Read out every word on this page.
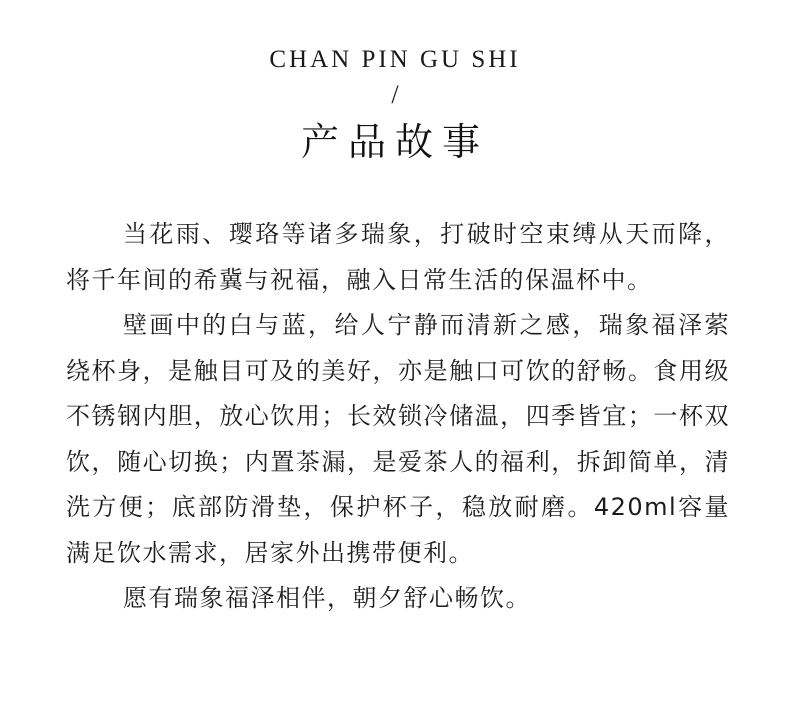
CHAN PIN GU SHI
/
产品故事

当花雨、璎珞等诸多瑞象，打破时空束缚从天而降，将千年间的希冀与祝福，融入日常生活的保温杯中。

壁画中的白与蓝，给人宁静而清新之感，瑞象福泽萦绕杯身，是触目可及的美好，亦是触口可饮的舒畅。食用级不锈钢内胆，放心饮用；长效锁冷储温，四季皆宜；一杯双饮，随心切换；内置茶漏，是爱茶人的福利，拆卸简单，清洗方便；底部防滑垫，保护杯子，稳放耐磨。420ml容量满足饮水需求，居家外出携带便利。

愿有瑞象福泽相伴，朝夕舒心畅饮。
